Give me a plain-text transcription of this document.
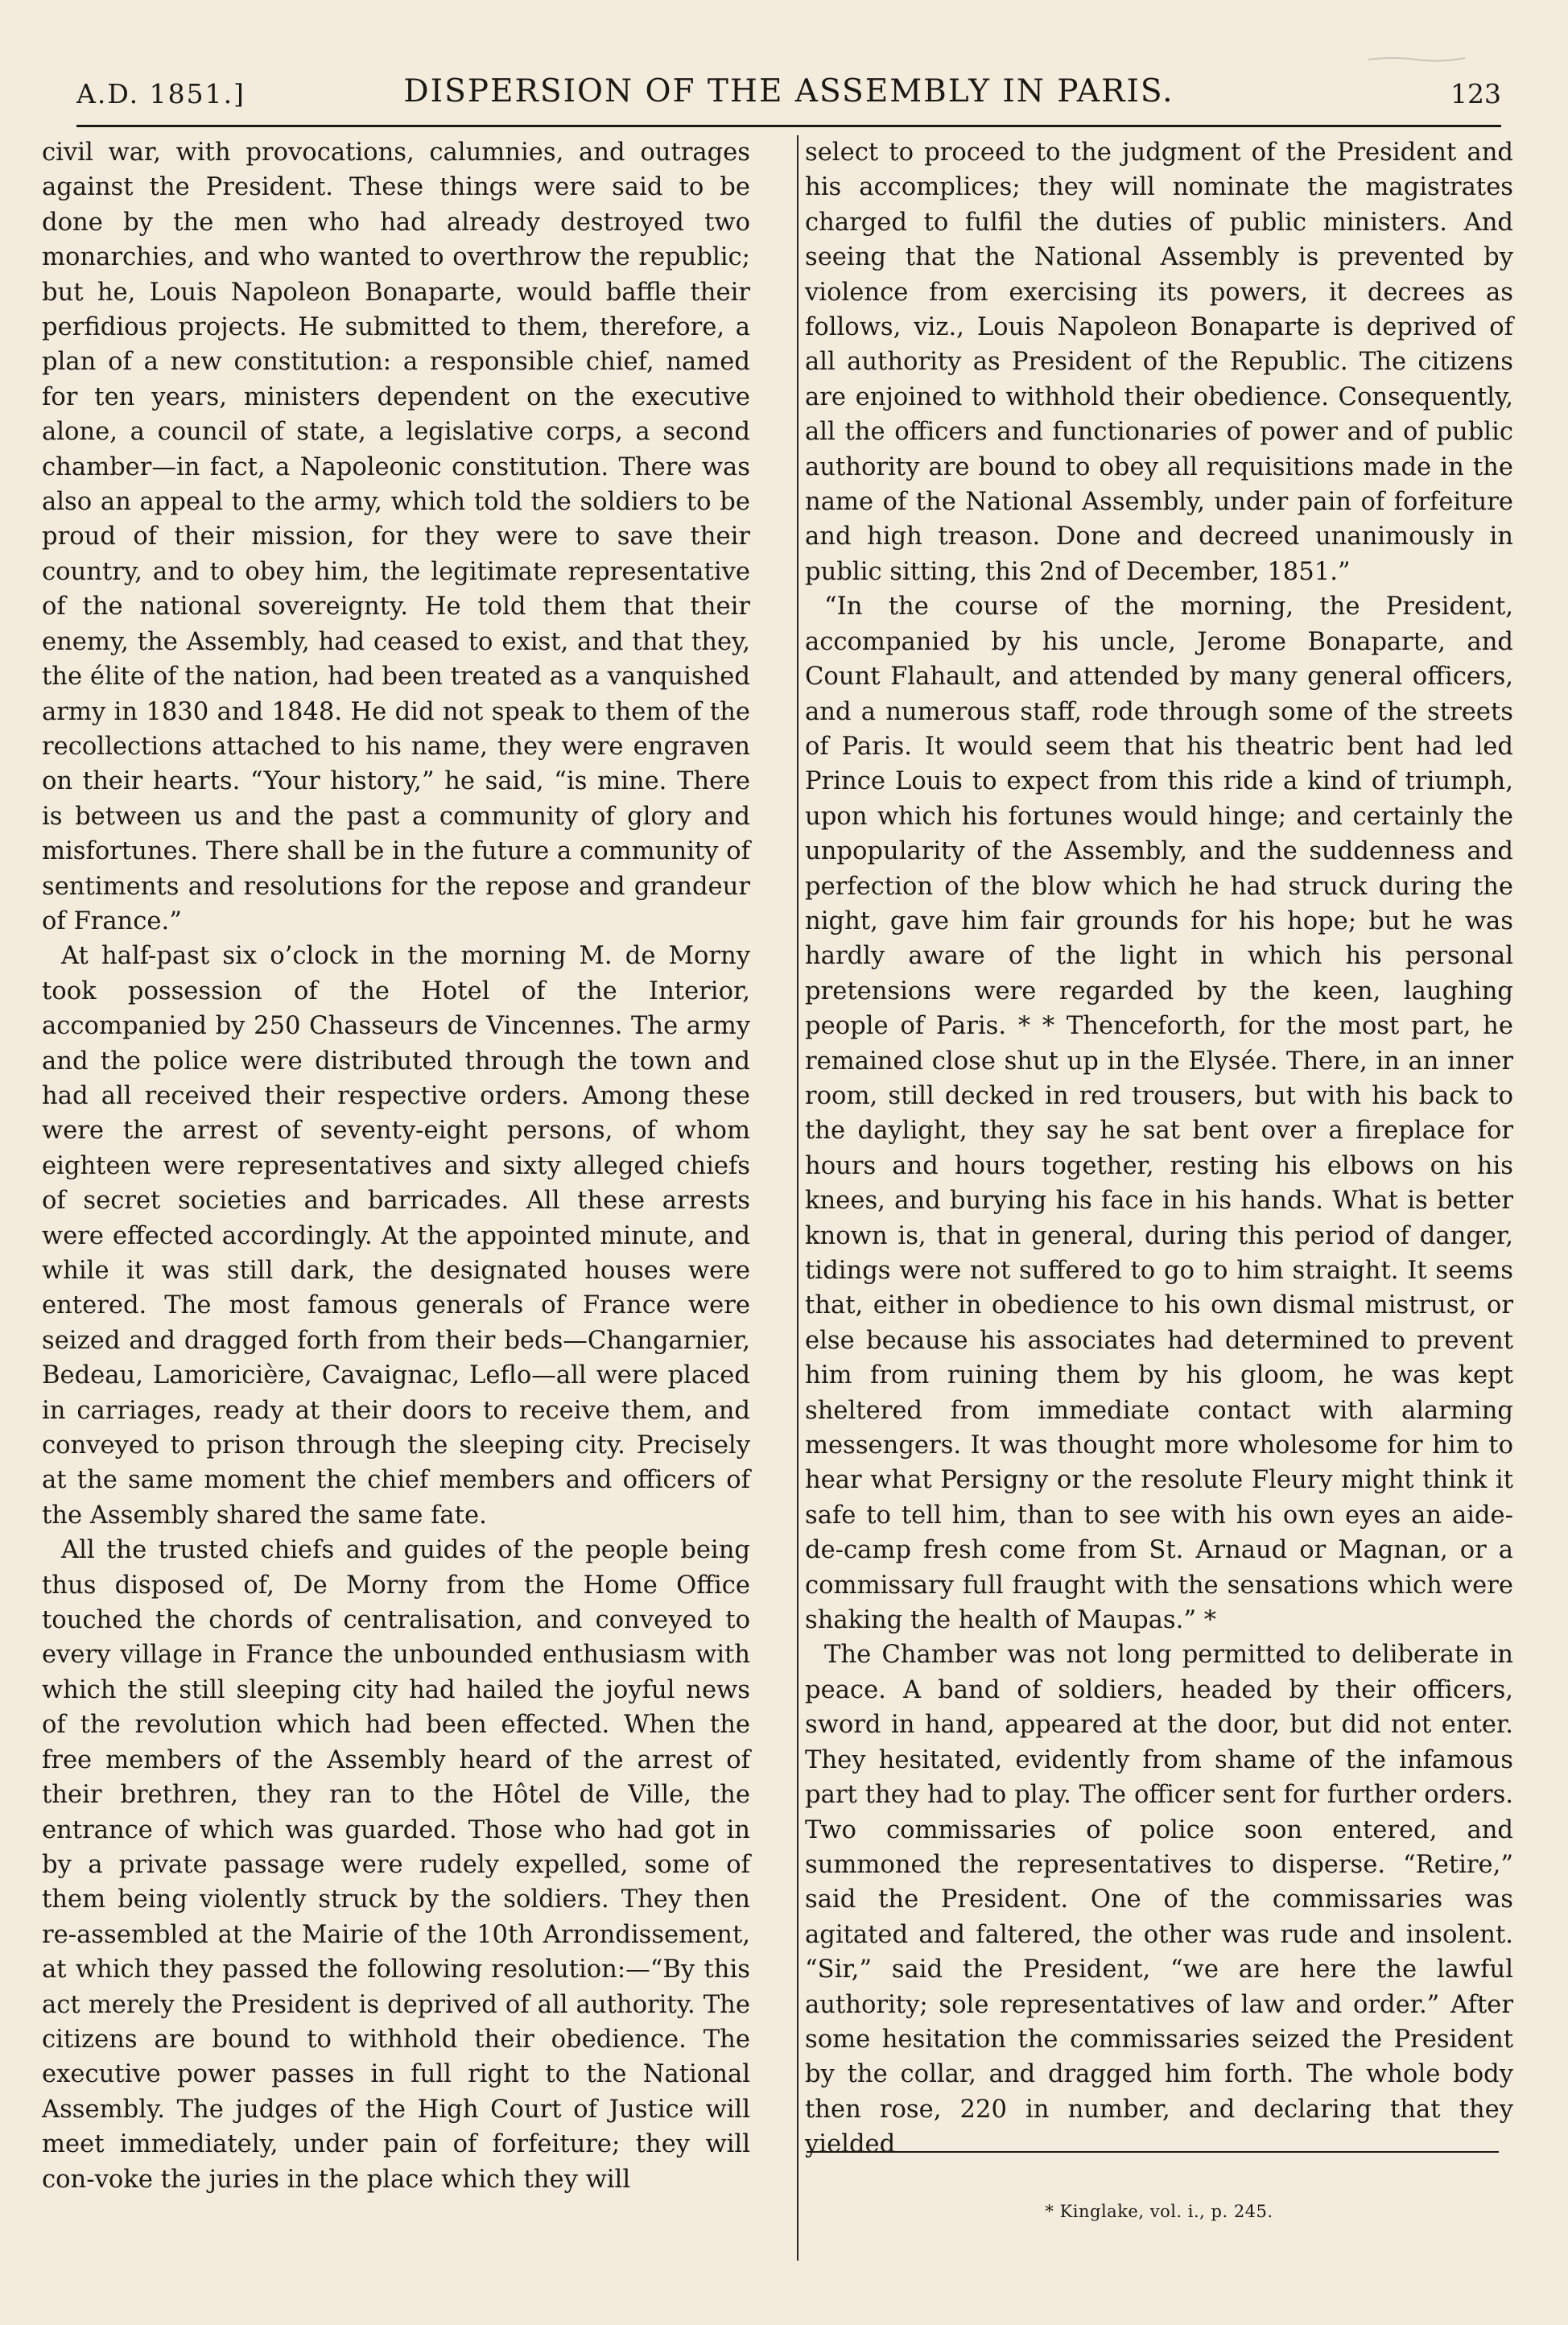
A.D. 1851.]	DISPERSION OF THE ASSEMBLY IN PARIS.	123

civil war, with provocations, calumnies, and outrages against the President. These things were said to be done by the men who had already destroyed two monarchies, and who wanted to overthrow the republic; but he, Louis Napoleon Bonaparte, would baffle their perfidious projects. He submitted to them, therefore, a plan of a new constitution: a responsible chief, named for ten years, ministers dependent on the executive alone, a council of state, a legislative corps, a second chamber—in fact, a Napoleonic constitution. There was also an appeal to the army, which told the soldiers to be proud of their mission, for they were to save their country, and to obey him, the legitimate representative of the national sovereignty. He told them that their enemy, the Assembly, had ceased to exist, and that they, the élite of the nation, had been treated as a vanquished army in 1830 and 1848. He did not speak to them of the recollections attached to his name, they were engraven on their hearts. “Your history,” he said, “is mine. There is between us and the past a community of glory and misfortunes. There shall be in the future a community of sentiments and resolutions for the repose and grandeur of France.”

At half-past six o’clock in the morning M. de Morny took possession of the Hotel of the Interior, accompanied by 250 Chasseurs de Vincennes. The army and the police were distributed through the town and had all received their respective orders. Among these were the arrest of seventy-eight persons, of whom eighteen were representatives and sixty alleged chiefs of secret societies and barricades. All these arrests were effected accordingly. At the appointed minute, and while it was still dark, the designated houses were entered. The most famous generals of France were seized and dragged forth from their beds—Changarnier, Bedeau, Lamoricière, Cavaignac, Leflo—all were placed in carriages, ready at their doors to receive them, and conveyed to prison through the sleeping city. Precisely at the same moment the chief members and officers of the Assembly shared the same fate.

All the trusted chiefs and guides of the people being thus disposed of, De Morny from the Home Office touched the chords of centralisation, and conveyed to every village in France the unbounded enthusiasm with which the still sleeping city had hailed the joyful news of the revolution which had been effected. When the free members of the Assembly heard of the arrest of their brethren, they ran to the Hôtel de Ville, the entrance of which was guarded. Those who had got in by a private passage were rudely expelled, some of them being violently struck by the soldiers. They then re-assembled at the Mairie of the 10th Arrondissement, at which they passed the following resolution:—“By this act merely the President is deprived of all authority. The citizens are bound to withhold their obedience. The executive power passes in full right to the National Assembly. The judges of the High Court of Justice will meet immediately, under pain of forfeiture; they will con-voke the juries in the place which they will

select to proceed to the judgment of the President and his accomplices; they will nominate the magistrates charged to fulfil the duties of public ministers. And seeing that the National Assembly is prevented by violence from exercising its powers, it decrees as follows, viz., Louis Napoleon Bonaparte is deprived of all authority as President of the Republic. The citizens are enjoined to withhold their obedience. Consequently, all the officers and functionaries of power and of public authority are bound to obey all requisitions made in the name of the National Assembly, under pain of forfeiture and high treason. Done and decreed unanimously in public sitting, this 2nd of December, 1851.”

“In the course of the morning, the President, accompanied by his uncle, Jerome Bonaparte, and Count Flahault, and attended by many general officers, and a numerous staff, rode through some of the streets of Paris. It would seem that his theatric bent had led Prince Louis to expect from this ride a kind of triumph, upon which his fortunes would hinge; and certainly the unpopularity of the Assembly, and the suddenness and perfection of the blow which he had struck during the night, gave him fair grounds for his hope; but he was hardly aware of the light in which his personal pretensions were regarded by the keen, laughing people of Paris. * * Thenceforth, for the most part, he remained close shut up in the Elysée. There, in an inner room, still decked in red trousers, but with his back to the daylight, they say he sat bent over a fireplace for hours and hours together, resting his elbows on his knees, and burying his face in his hands. What is better known is, that in general, during this period of danger, tidings were not suffered to go to him straight. It seems that, either in obedience to his own dismal mistrust, or else because his associates had determined to prevent him from ruining them by his gloom, he was kept sheltered from immediate contact with alarming messengers. It was thought more wholesome for him to hear what Persigny or the resolute Fleury might think it safe to tell him, than to see with his own eyes an aide-de-camp fresh come from St. Arnaud or Magnan, or a commissary full fraught with the sensations which were shaking the health of Maupas.” *

The Chamber was not long permitted to deliberate in peace. A band of soldiers, headed by their officers, sword in hand, appeared at the door, but did not enter. They hesitated, evidently from shame of the infamous part they had to play. The officer sent for further orders. Two commissaries of police soon entered, and summoned the representatives to disperse. “Retire,” said the President. One of the commissaries was agitated and faltered, the other was rude and insolent. “Sir,” said the President, “we are here the lawful authority; sole representatives of law and order.” After some hesitation the commissaries seized the President by the collar, and dragged him forth. The whole body then rose, 220 in number, and declaring that they yielded

* Kinglake, vol. i., p. 245.
